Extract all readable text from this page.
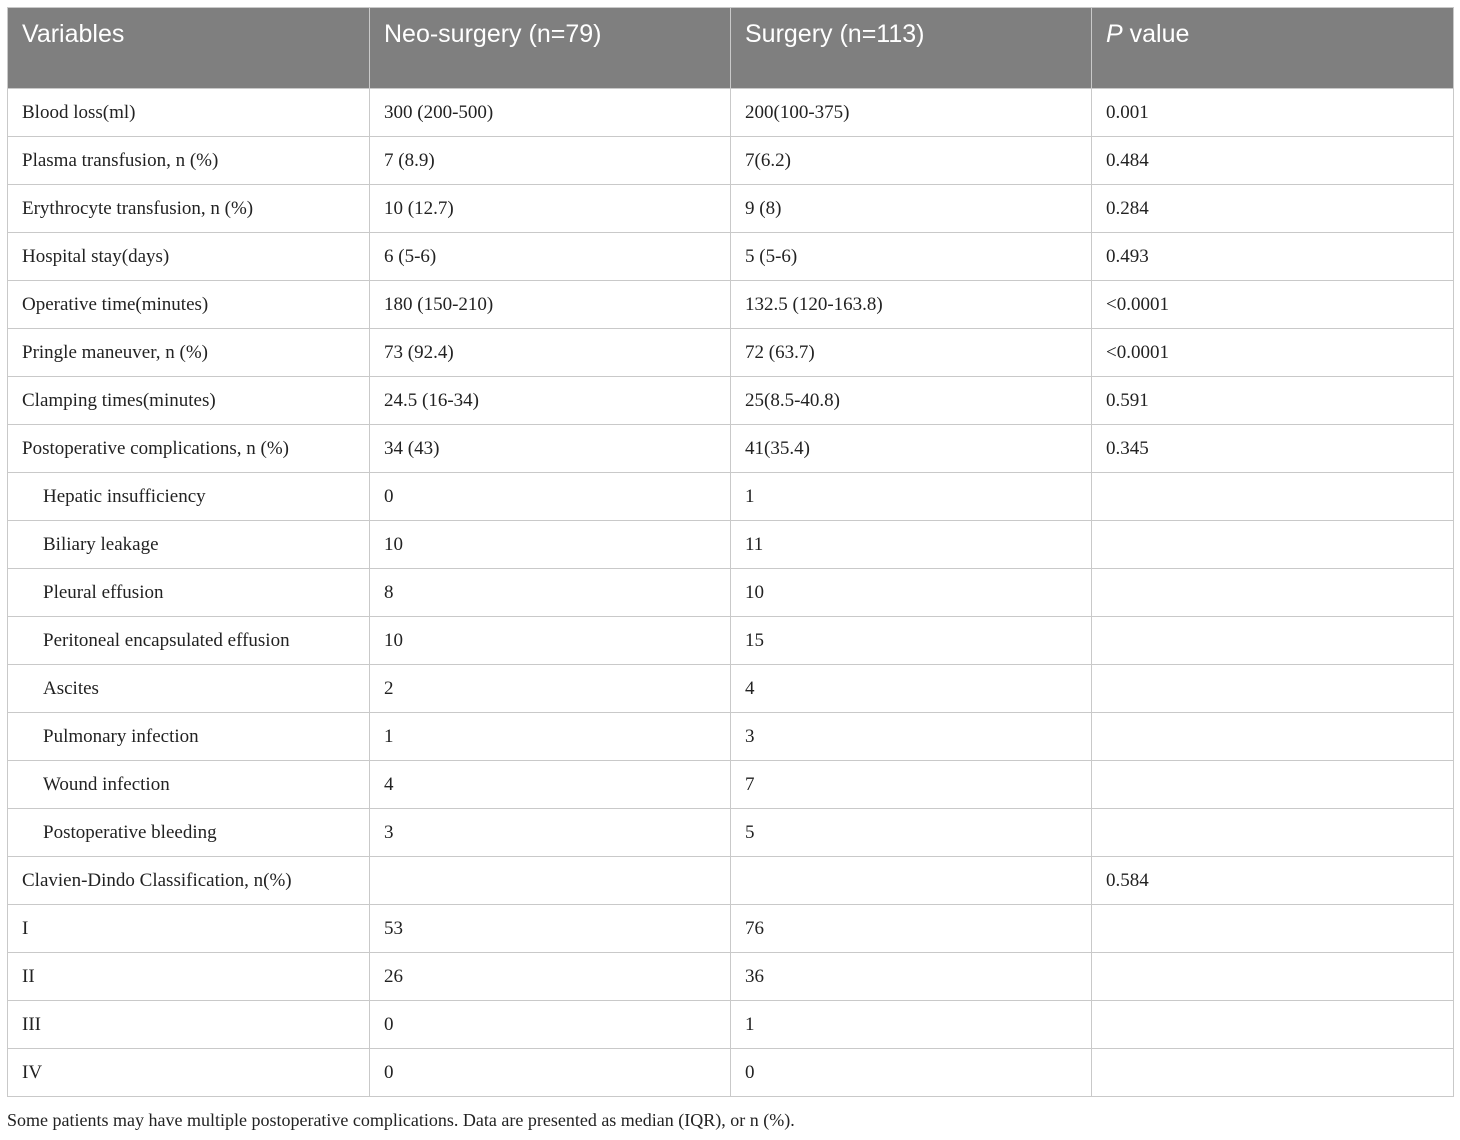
Variables	Neo-surgery (n=79)	Surgery (n=113)	P value
Blood loss(ml)	300 (200-500)	200(100-375)	0.001
Plasma transfusion, n (%)	7 (8.9)	7(6.2)	0.484
Erythrocyte transfusion, n (%)	10 (12.7)	9 (8)	0.284
Hospital stay(days)	6 (5-6)	5 (5-6)	0.493
Operative time(minutes)	180 (150-210)	132.5 (120-163.8)	<0.0001
Pringle maneuver, n (%)	73 (92.4)	72 (63.7)	<0.0001
Clamping times(minutes)	24.5 (16-34)	25(8.5-40.8)	0.591
Postoperative complications, n (%)	34 (43)	41(35.4)	0.345
Hepatic insufficiency	0	1	
Biliary leakage	10	11	
Pleural effusion	8	10	
Peritoneal encapsulated effusion	10	15	
Ascites	2	4	
Pulmonary infection	1	3	
Wound infection	4	7	
Postoperative bleeding	3	5	
Clavien-Dindo Classification, n(%)			0.584
I	53	76	
II	26	36	
III	0	1	
IV	0	0	
Some patients may have multiple postoperative complications. Data are presented as median (IQR), or n (%).
